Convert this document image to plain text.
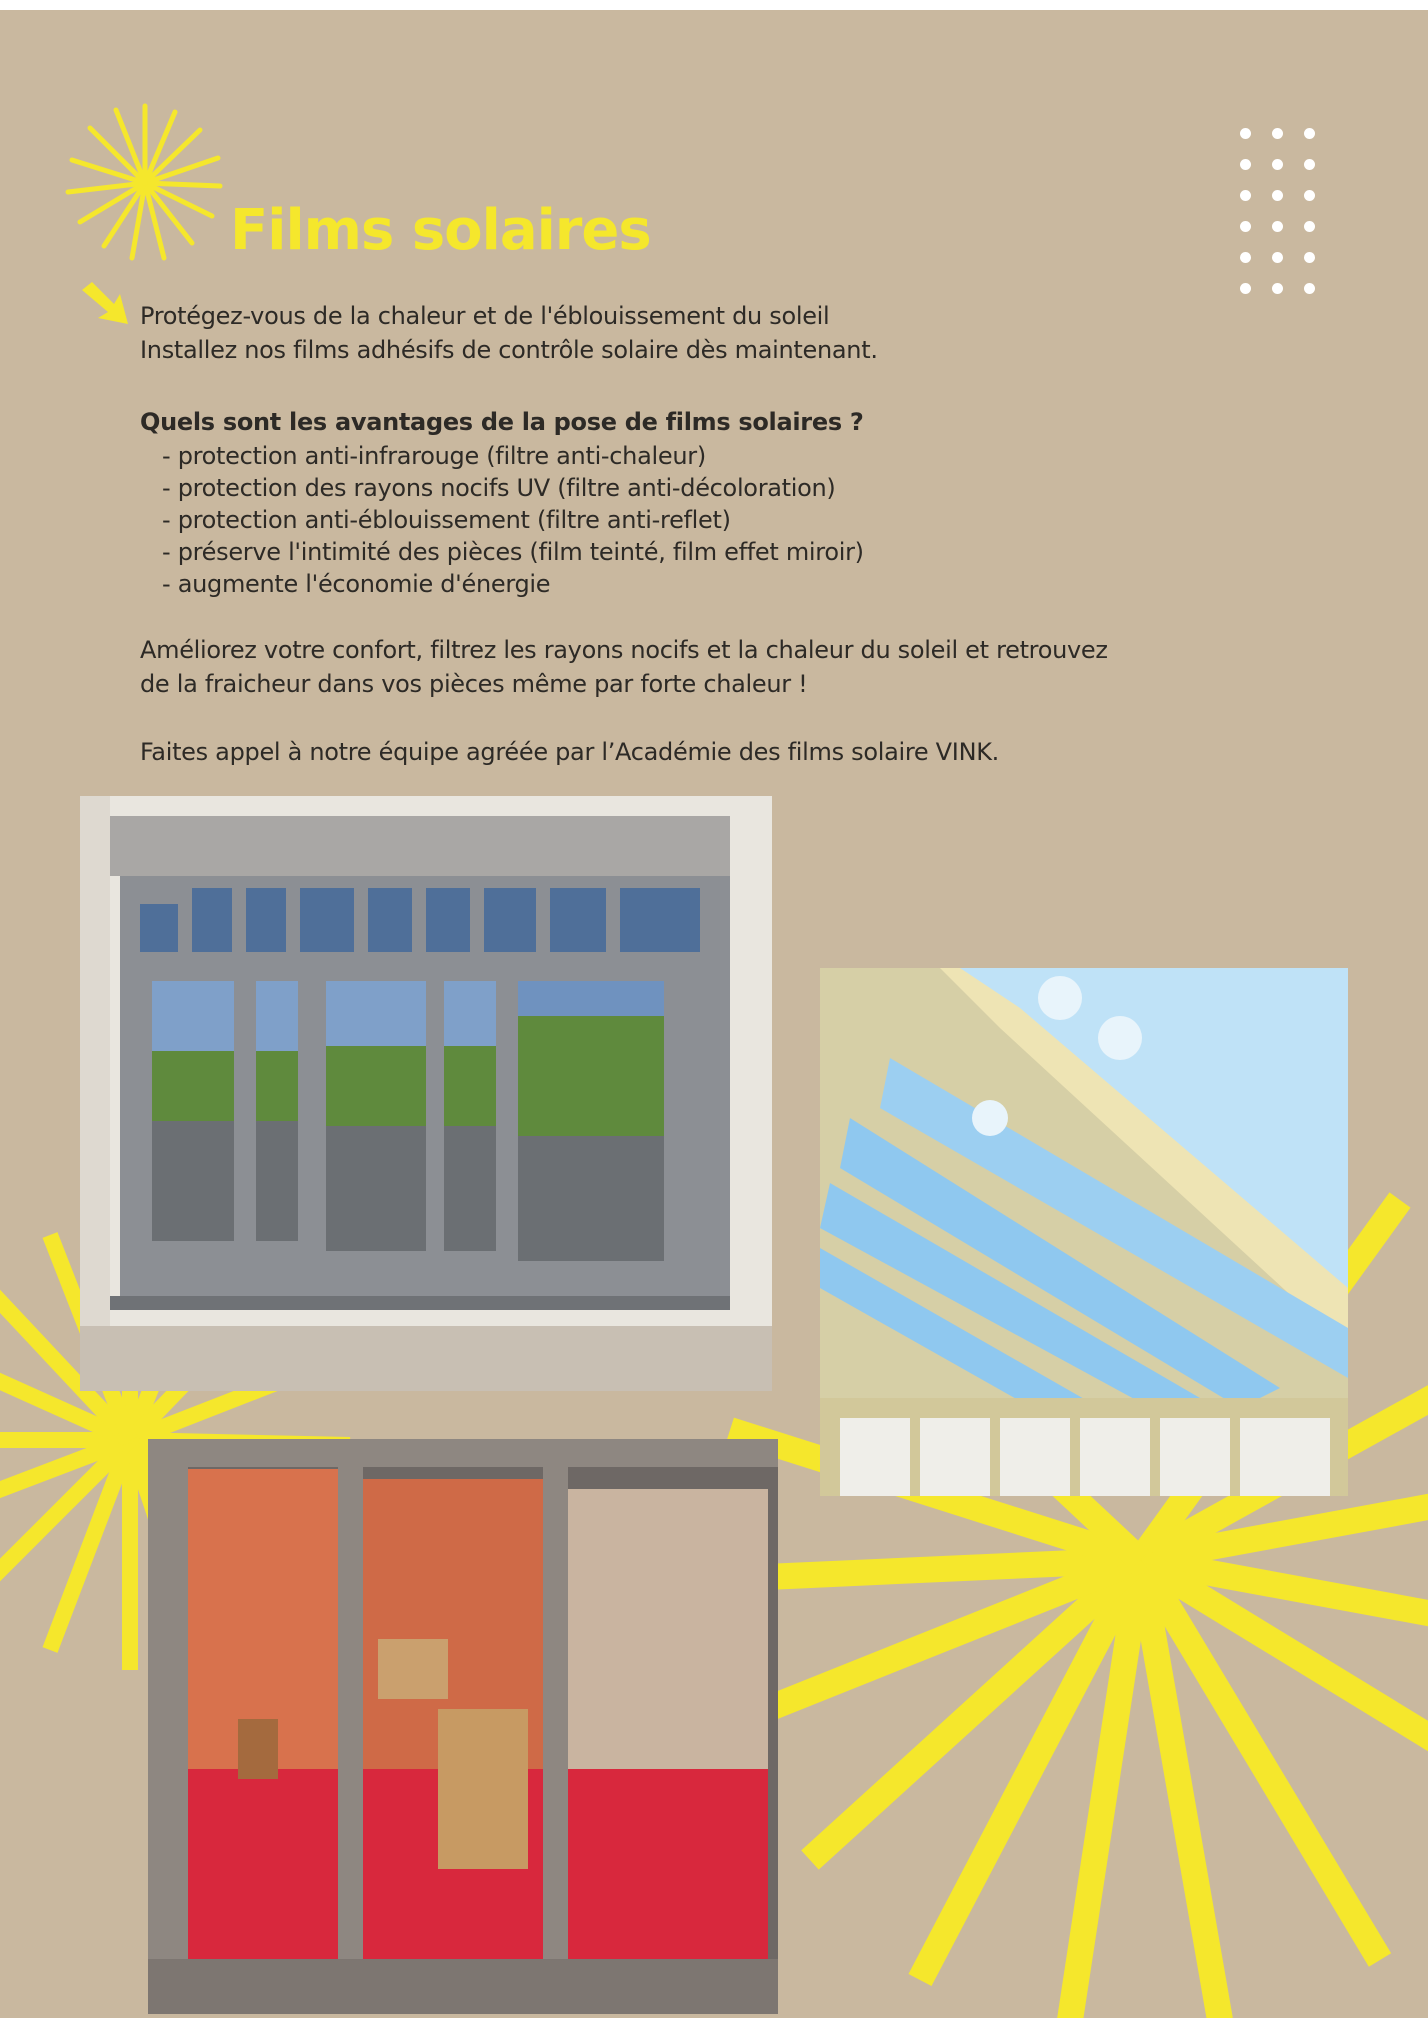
Films solaires
Protégez-vous de la chaleur et de l'éblouissement du soleil
Installez nos films adhésifs de contrôle solaire dès maintenant.
Quels sont les avantages de la pose de films solaires ?
- protection anti-infrarouge (filtre anti-chaleur)
- protection des rayons nocifs UV (filtre anti-décoloration)
- protection anti-éblouissement (filtre anti-reflet)
- préserve l'intimité des pièces (film teinté, film effet miroir)
- augmente l'économie d'énergie
Améliorez votre confort, filtrez les rayons nocifs et la chaleur du soleil et retrouvez
de la fraicheur dans vos pièces même par forte chaleur !
Faites appel à notre équipe agréée par l’Académie des films solaire VINK.
